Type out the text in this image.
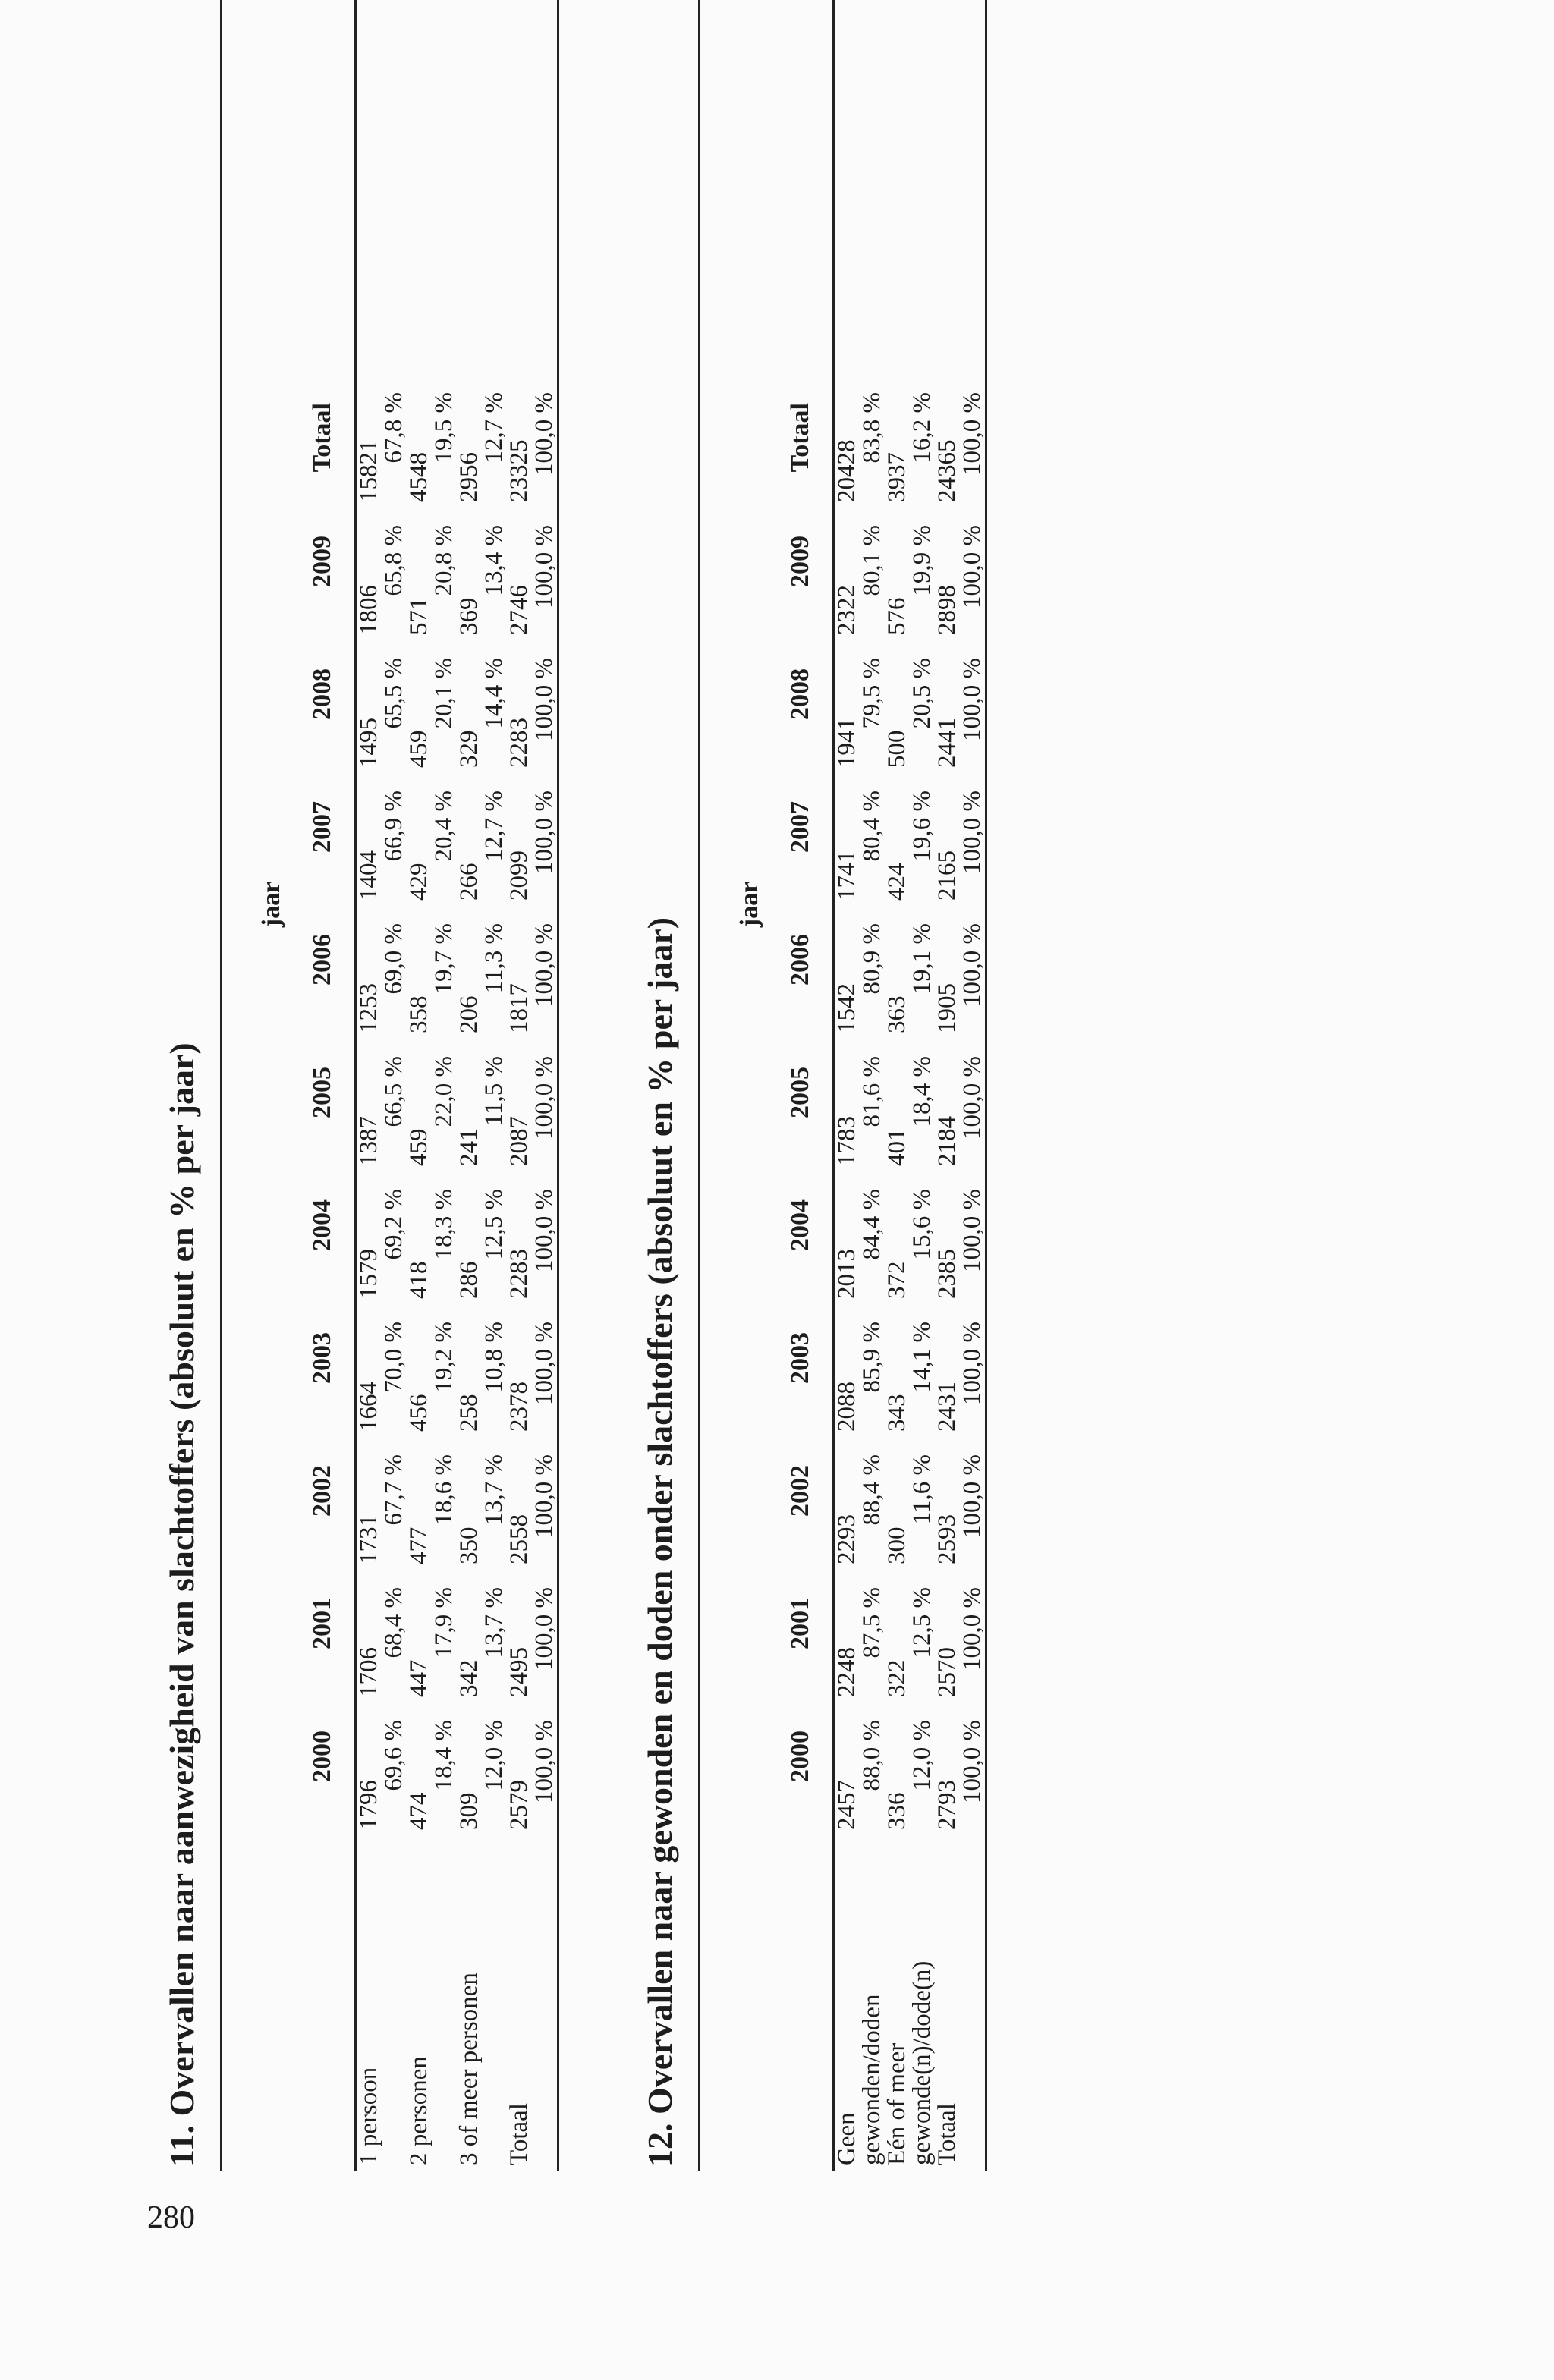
280
11. Overvallen naar aanwezigheid van slachtoffers (absoluut en % per jaar)
jaar
2000
2001
2002
2003
2004
2005
2006
2007
2008
2009
Totaal
1 persoon
1796
1706
1731
1664
1579
1387
1253
1404
1495
1806
15821
69,6 %
68,4 %
67,7 %
70,0 %
69,2 %
66,5 %
69,0 %
66,9 %
65,5 %
65,8 %
67,8 %
2 personen
474
447
477
456
418
459
358
429
459
571
4548
18,4 %
17,9 %
18,6 %
19,2 %
18,3 %
22,0 %
19,7 %
20,4 %
20,1 %
20,8 %
19,5 %
3 of meer personen
309
342
350
258
286
241
206
266
329
369
2956
12,0 %
13,7 %
13,7 %
10,8 %
12,5 %
11,5 %
11,3 %
12,7 %
14,4 %
13,4 %
12,7 %
Totaal
2579
2495
2558
2378
2283
2087
1817
2099
2283
2746
23325
100,0 %
100,0 %
100,0 %
100,0 %
100,0 %
100,0 %
100,0 %
100,0 %
100,0 %
100,0 %
100,0 %
12. Overvallen naar gewonden en doden onder slachtoffers (absoluut en % per jaar)
jaar
2000
2001
2002
2003
2004
2005
2006
2007
2008
2009
Totaal
Geen
2457
2248
2293
2088
2013
1783
1542
1741
1941
2322
20428
gewonden/doden
88,0 %
87,5 %
88,4 %
85,9 %
84,4 %
81,6 %
80,9 %
80,4 %
79,5 %
80,1 %
83,8 %
Eén of meer
336
322
300
343
372
401
363
424
500
576
3937
gewonde(n)/dode(n)
12,0 %
12,5 %
11,6 %
14,1 %
15,6 %
18,4 %
19,1 %
19,6 %
20,5 %
19,9 %
16,2 %
Totaal
2793
2570
2593
2431
2385
2184
1905
2165
2441
2898
24365
100,0 %
100,0 %
100,0 %
100,0 %
100,0 %
100,0 %
100,0 %
100,0 %
100,0 %
100,0 %
100,0 %
